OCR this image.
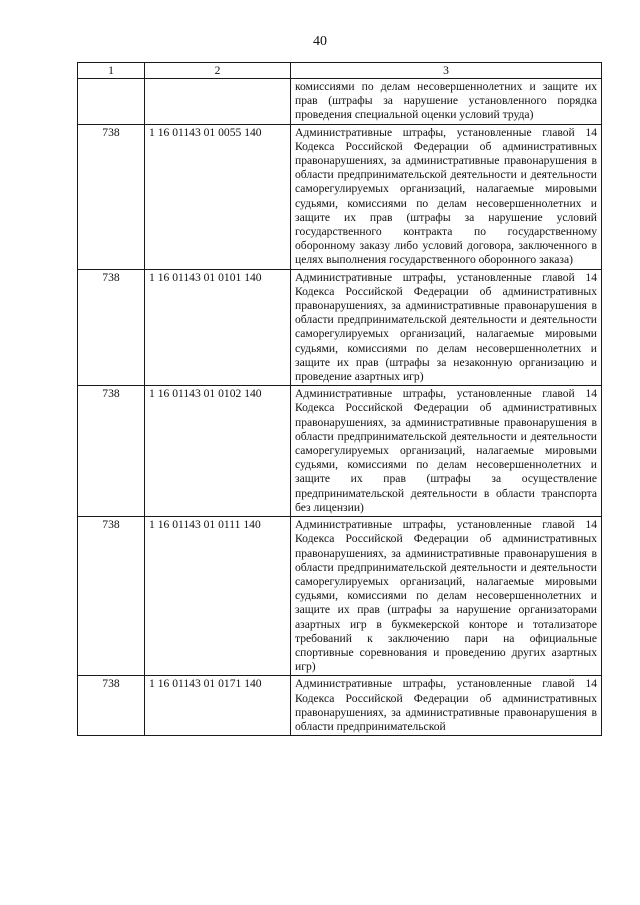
40
1	2	3
		комиссиями по делам несовершеннолетних и защите их прав (штрафы за нарушение установленного порядка проведения специальной оценки условий труда)
738	1 16 01143 01 0055 140	Административные штрафы, установленные главой 14 Кодекса Российской Федерации об административных правонарушениях, за административные правонарушения в области предпринимательской деятельности и деятельности саморегулируемых организаций, налагаемые мировыми судьями, комиссиями по делам несовершеннолетних и защите их прав (штрафы за нарушение условий государственного контракта по государственному оборонному заказу либо условий договора, заключенного в целях выполнения государственного оборонного заказа)
738	1 16 01143 01 0101 140	Административные штрафы, установленные главой 14 Кодекса Российской Федерации об административных правонарушениях, за административные правонарушения в области предпринимательской деятельности и деятельности саморегулируемых организаций, налагаемые мировыми судьями, комиссиями по делам несовершеннолетних и защите их прав (штрафы за незаконную организацию и проведение азартных игр)
738	1 16 01143 01 0102 140	Административные штрафы, установленные главой 14 Кодекса Российской Федерации об административных правонарушениях, за административные правонарушения в области предпринимательской деятельности и деятельности саморегулируемых организаций, налагаемые мировыми судьями, комиссиями по делам несовершеннолетних и защите их прав (штрафы за осуществление предпринимательской деятельности в области транспорта без лицензии)
738	1 16 01143 01 0111 140	Административные штрафы, установленные главой 14 Кодекса Российской Федерации об административных правонарушениях, за административные правонарушения в области предпринимательской деятельности и деятельности саморегулируемых организаций, налагаемые мировыми судьями, комиссиями по делам несовершеннолетних и защите их прав (штрафы за нарушение организаторами азартных игр в букмекерской конторе и тотализаторе требований к заключению пари на официальные спортивные соревнования и проведению других азартных игр)
738	1 16 01143 01 0171 140	Административные штрафы, установленные главой 14 Кодекса Российской Федерации об административных правонарушениях, за административные правонарушения в области предпринимательской
